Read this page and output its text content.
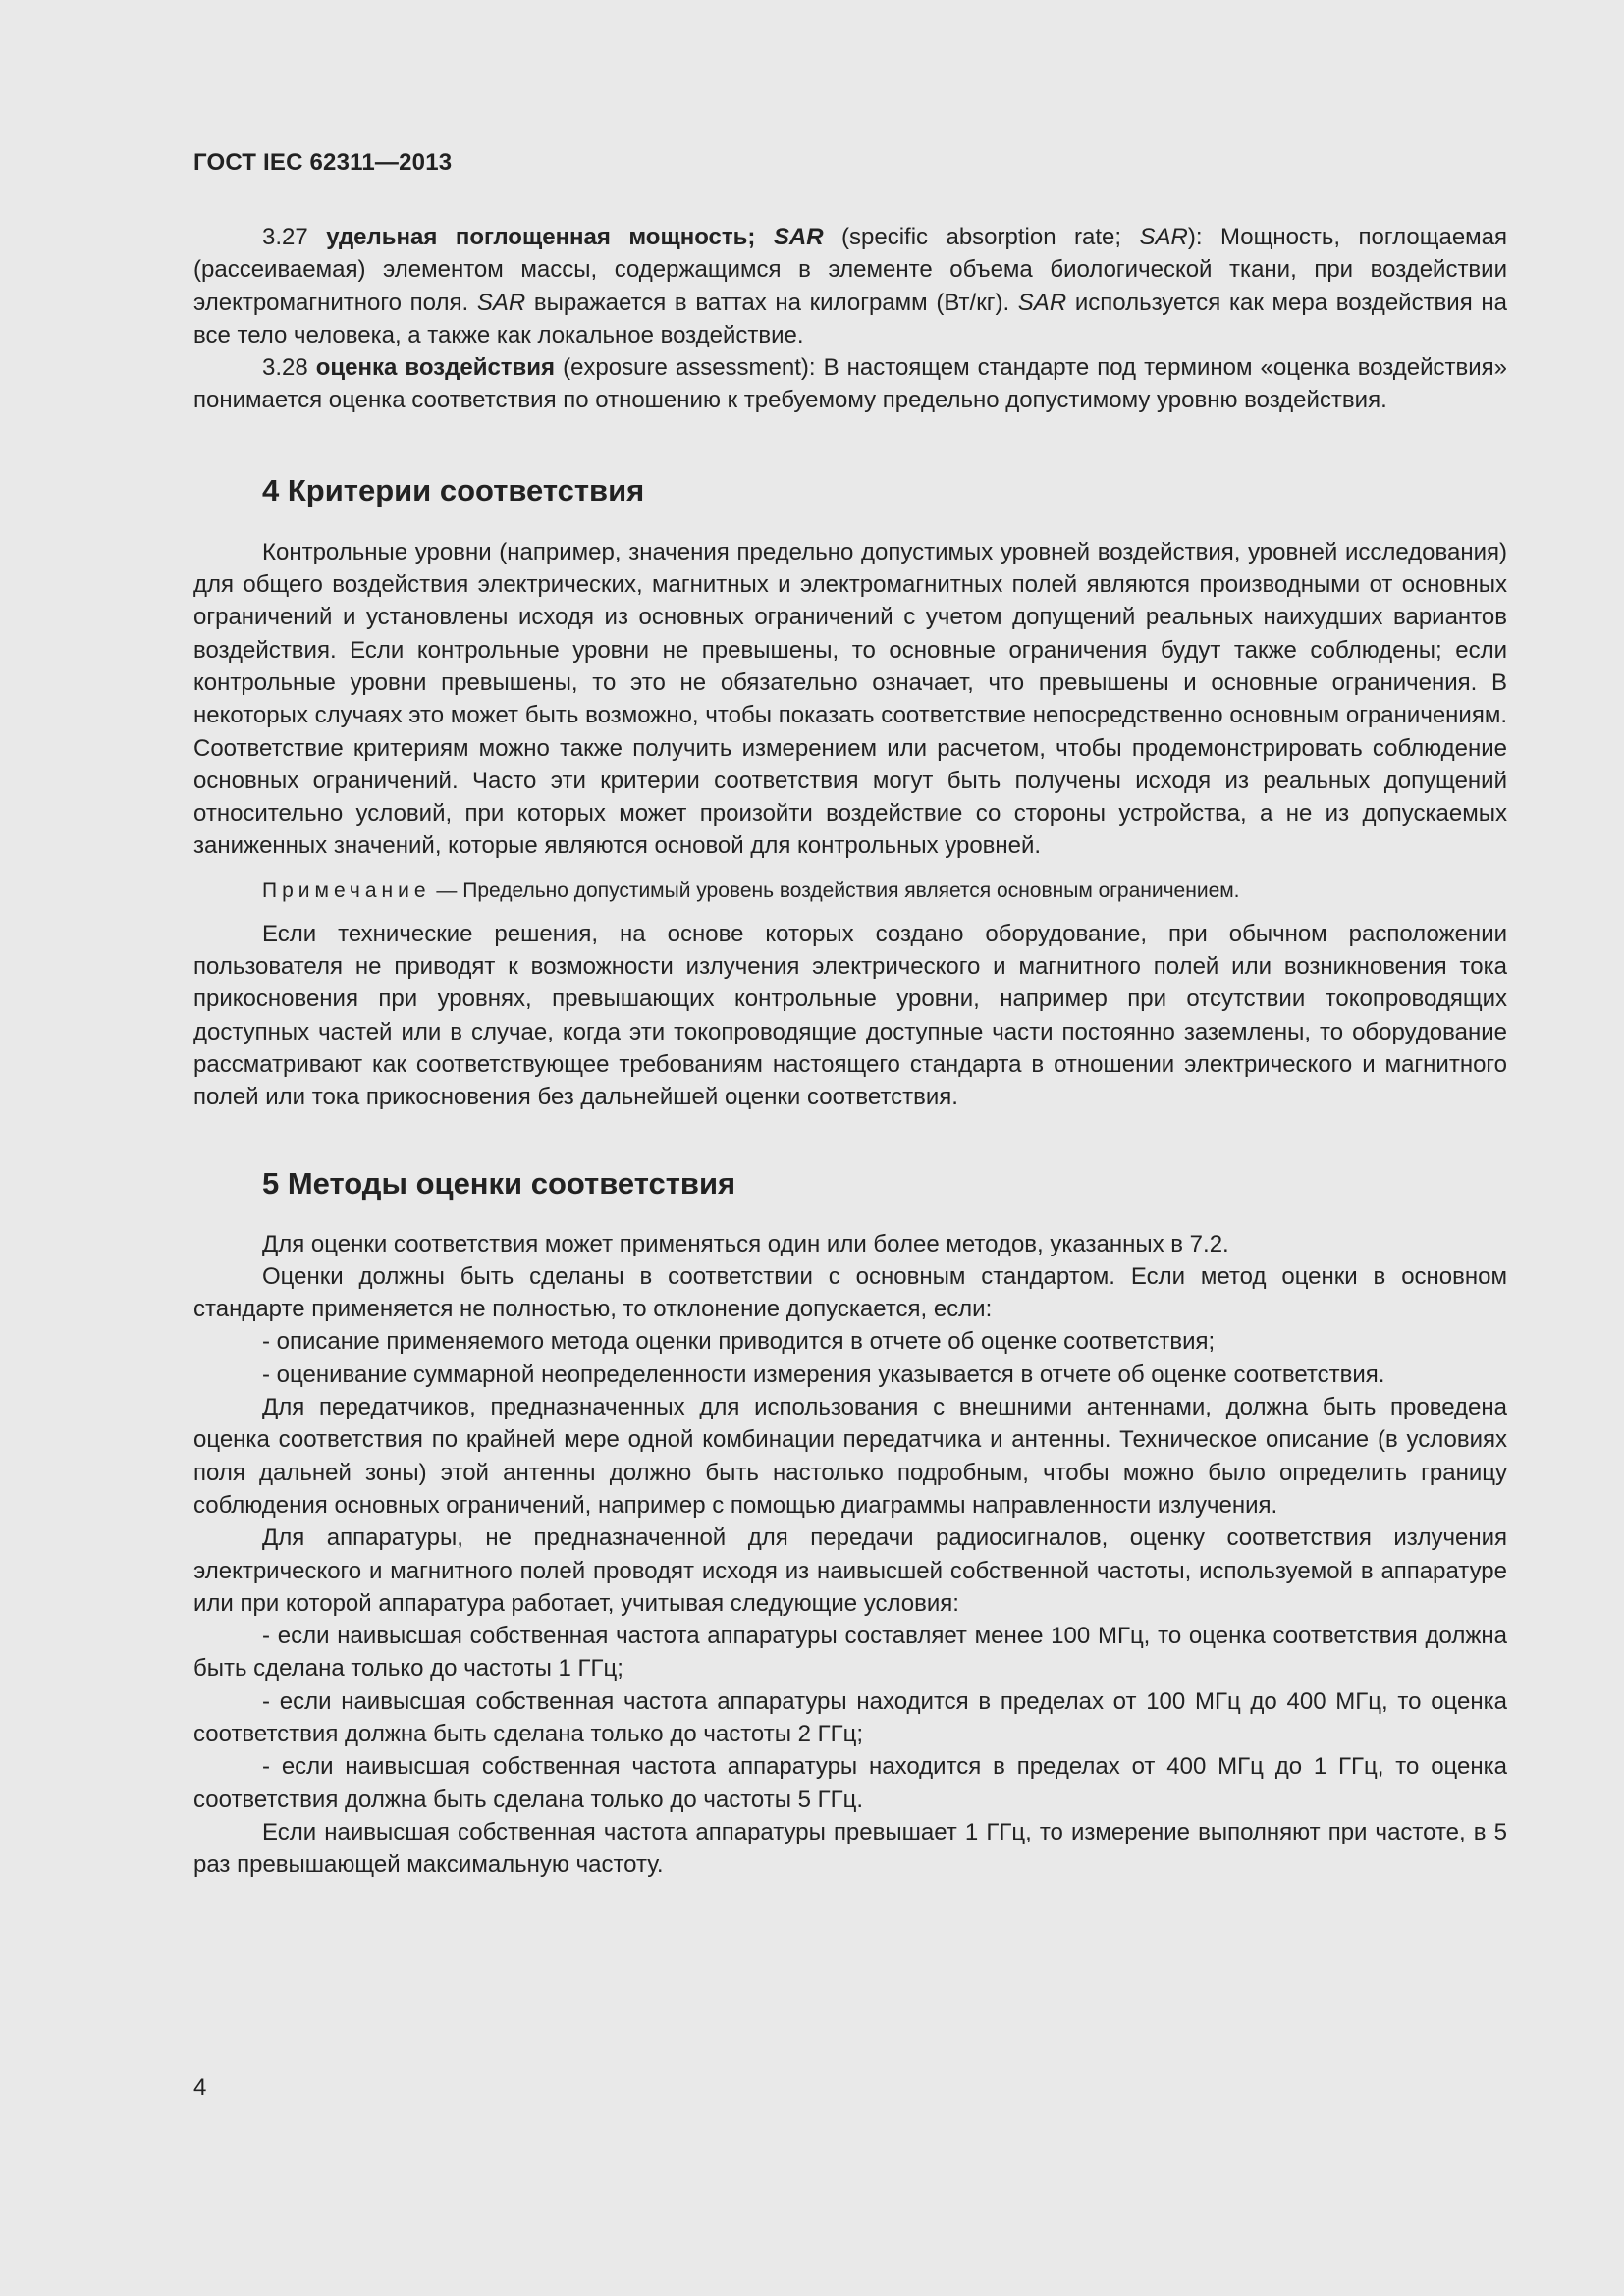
ГОСТ IEC 62311—2013

3.27 удельная поглощенная мощность; SAR (specific absorption rate; SAR): Мощность, поглощаемая (рассеиваемая) элементом массы, содержащимся в элементе объема биологической ткани, при воздействии электромагнитного поля. SAR выражается в ваттах на килограмм (Вт/кг). SAR используется как мера воздействия на все тело человека, а также как локальное воздействие.

3.28 оценка воздействия (exposure assessment): В настоящем стандарте под термином «оценка воздействия» понимается оценка соответствия по отношению к требуемому предельно допустимому уровню воздействия.

4 Критерии соответствия

Контрольные уровни (например, значения предельно допустимых уровней воздействия, уровней исследования) для общего воздействия электрических, магнитных и электромагнитных полей являются производными от основных ограничений и установлены исходя из основных ограничений с учетом допущений реальных наихудших вариантов воздействия. Если контрольные уровни не превышены, то основные ограничения будут также соблюдены; если контрольные уровни превышены, то это не обязательно означает, что превышены и основные ограничения. В некоторых случаях это может быть возможно, чтобы показать соответствие непосредственно основным ограничениям. Соответствие критериям можно также получить измерением или расчетом, чтобы продемонстрировать соблюдение основных ограничений. Часто эти критерии соответствия могут быть получены исходя из реальных допущений относительно условий, при которых может произойти воздействие со стороны устройства, а не из допускаемых заниженных значений, которые являются основой для контрольных уровней.

Примечание — Предельно допустимый уровень воздействия является основным ограничением.

Если технические решения, на основе которых создано оборудование, при обычном расположении пользователя не приводят к возможности излучения электрического и магнитного полей или возникновения тока прикосновения при уровнях, превышающих контрольные уровни, например при отсутствии токопроводящих доступных частей или в случае, когда эти токопроводящие доступные части постоянно заземлены, то оборудование рассматривают как соответствующее требованиям настоящего стандарта в отношении электрического и магнитного полей или тока прикосновения без дальнейшей оценки соответствия.

5 Методы оценки соответствия

Для оценки соответствия может применяться один или более методов, указанных в 7.2.

Оценки должны быть сделаны в соответствии с основным стандартом. Если метод оценки в основном стандарте применяется не полностью, то отклонение допускается, если:

- описание применяемого метода оценки приводится в отчете об оценке соответствия;

- оценивание суммарной неопределенности измерения указывается в отчете об оценке соответствия.

Для передатчиков, предназначенных для использования с внешними антеннами, должна быть проведена оценка соответствия по крайней мере одной комбинации передатчика и антенны. Техническое описание (в условиях поля дальней зоны) этой антенны должно быть настолько подробным, чтобы можно было определить границу соблюдения основных ограничений, например с помощью диаграммы направленности излучения.

Для аппаратуры, не предназначенной для передачи радиосигналов, оценку соответствия излучения электрического и магнитного полей проводят исходя из наивысшей собственной частоты, используемой в аппаратуре или при которой аппаратура работает, учитывая следующие условия:

- если наивысшая собственная частота аппаратуры составляет менее 100 МГц, то оценка соответствия должна быть сделана только до частоты 1 ГГц;

- если наивысшая собственная частота аппаратуры находится в пределах от 100 МГц до 400 МГц, то оценка соответствия должна быть сделана только до частоты 2 ГГц;

- если наивысшая собственная частота аппаратуры находится в пределах от 400 МГц до 1 ГГц, то оценка соответствия должна быть сделана только до частоты 5 ГГц.

Если наивысшая собственная частота аппаратуры превышает 1 ГГц, то измерение выполняют при частоте, в 5 раз превышающей максимальную частоту.

4
